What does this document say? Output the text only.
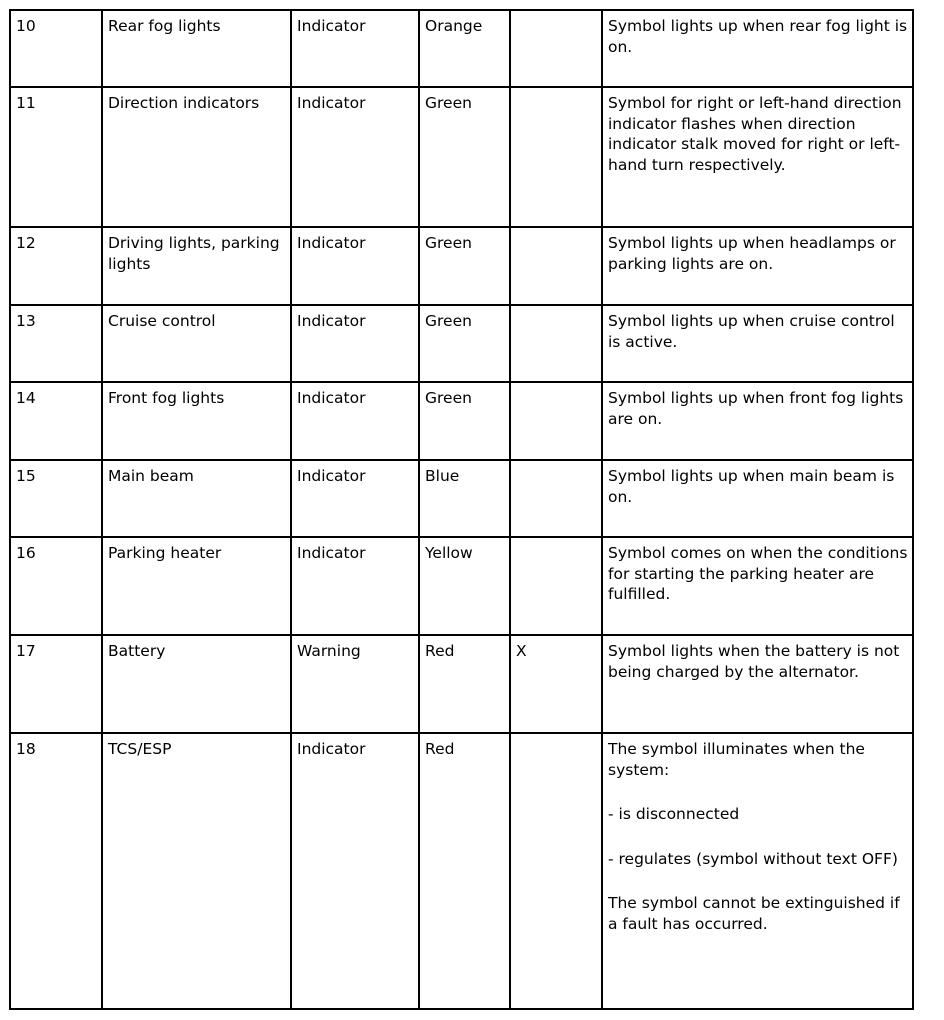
10	Rear fog lights	Indicator	Orange		Symbol lights up when rear fog light is on.

11	Direction indicators	Indicator	Green		Symbol for right or left-hand direction indicator flashes when direction indicator stalk moved for right or left-hand turn respectively.

12	Driving lights, parking lights	Indicator	Green		Symbol lights up when headlamps or parking lights are on.

13	Cruise control	Indicator	Green		Symbol lights up when cruise control is active.

14	Front fog lights	Indicator	Green		Symbol lights up when front fog lights are on.

15	Main beam	Indicator	Blue		Symbol lights up when main beam is on.

16	Parking heater	Indicator	Yellow		Symbol comes on when the conditions for starting the parking heater are fulfilled.

17	Battery	Warning	Red	X	Symbol lights when the battery is not being charged by the alternator.

18	TCS/ESP	Indicator	Red		The symbol illuminates when the system:

- is disconnected

- regulates (symbol without text OFF)

The symbol cannot be extinguished if a fault has occurred.
